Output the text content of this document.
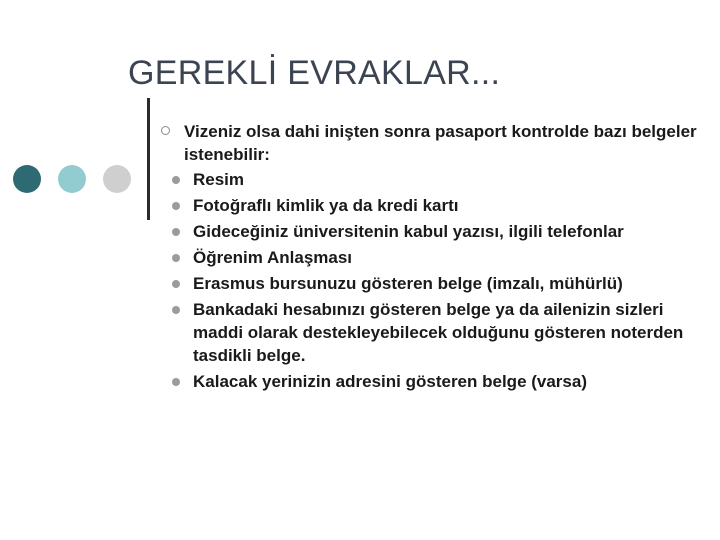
GEREKLİ EVRAKLAR...
Vizeniz olsa dahi inişten sonra pasaport kontrolde bazı belgeler istenebilir:
Resim
Fotoğraflı kimlik ya da kredi kartı
Gideceğiniz üniversitenin kabul yazısı, ilgili telefonlar
Öğrenim Anlaşması
Erasmus bursunuzu gösteren belge (imzalı, mühürlü)
Bankadaki hesabınızı gösteren belge ya da ailenizin sizleri maddi olarak destekleyebilecek olduğunu gösteren noterden tasdikli belge.
Kalacak yerinizin adresini gösteren belge (varsa)
